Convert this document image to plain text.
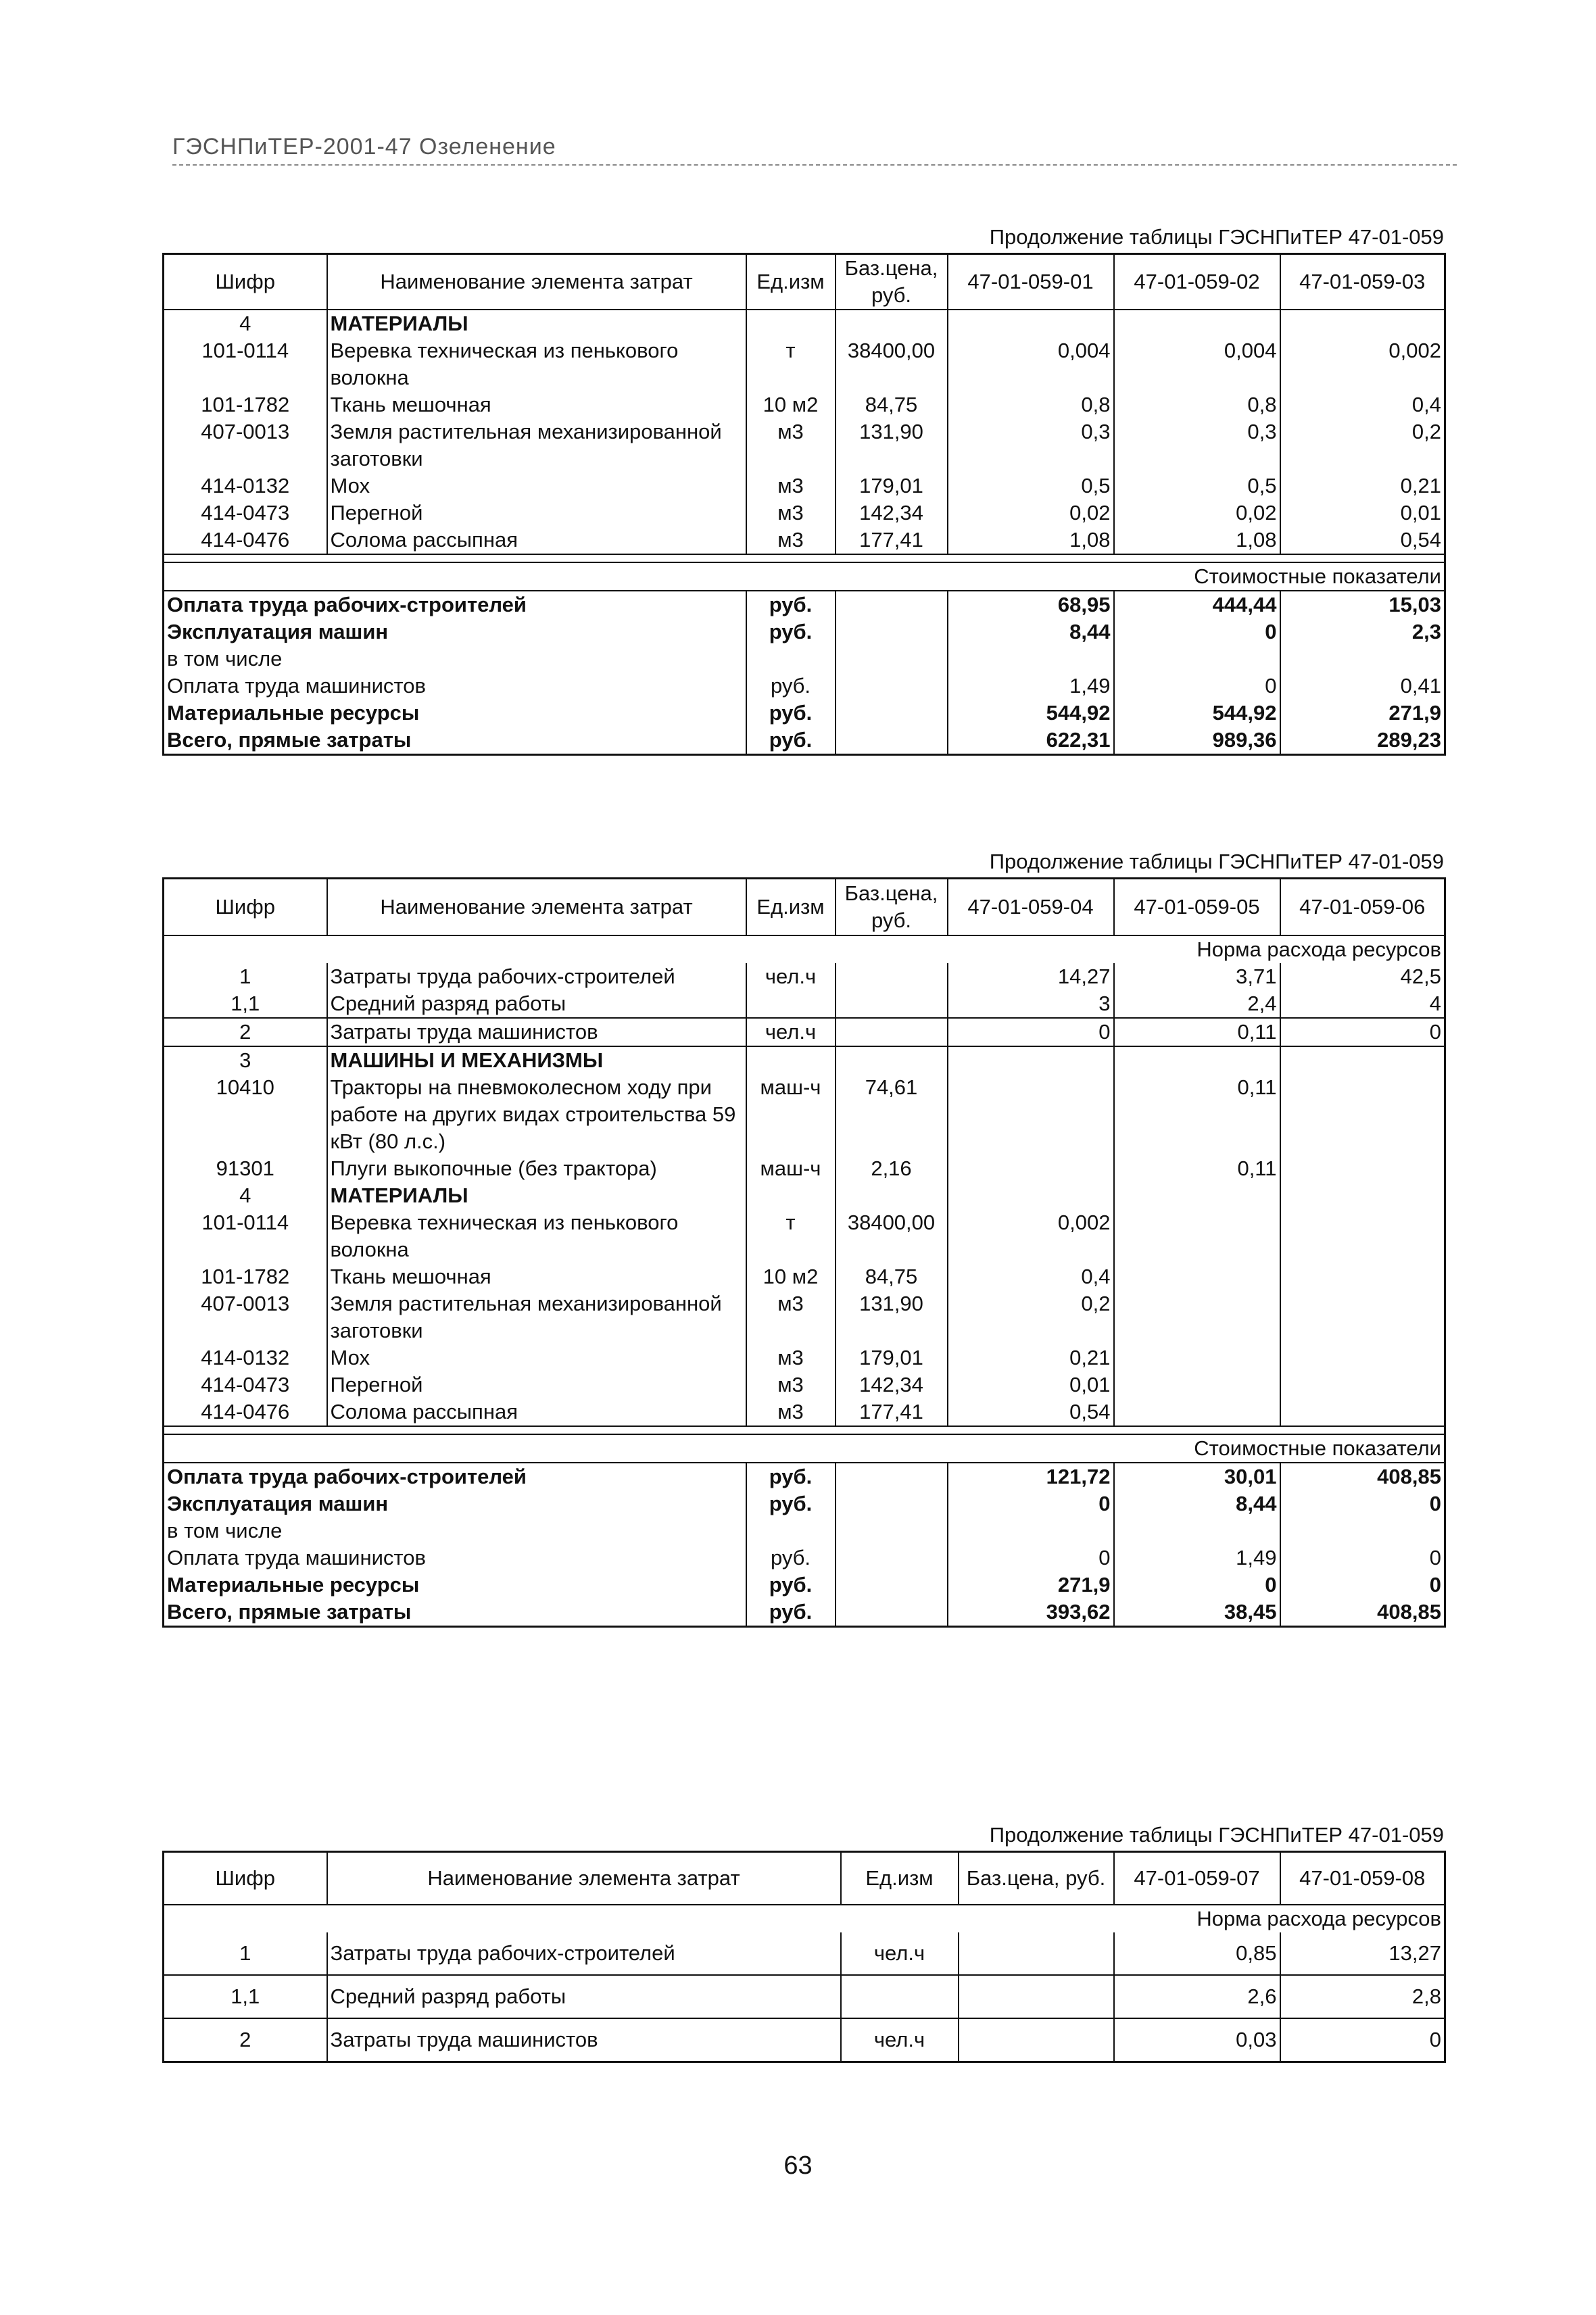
ГЭСНПиТЕР-2001-47 Озеленение
Продолжение таблицы ГЭСНПиТЕР 47-01-059
Шифр	Наименование элемента затрат	Ед.изм	Баз.цена, руб.	47-01-059-01	47-01-059-02	47-01-059-03
4	МАТЕРИАЛЫ					
101-0114	Веревка техническая из пенькового волокна	т	38400,00	0,004	0,004	0,002
101-1782	Ткань мешочная	10 м2	84,75	0,8	0,8	0,4
407-0013	Земля растительная механизированной заготовки	м3	131,90	0,3	0,3	0,2
414-0132	Мох	м3	179,01	0,5	0,5	0,21
414-0473	Перегной	м3	142,34	0,02	0,02	0,01
414-0476	Солома рассыпная	м3	177,41	1,08	1,08	0,54

Стоимостные показатели						
Оплата труда рабочих-строителей		руб.		68,95	444,44	15,03
Эксплуатация машин		руб.		8,44	0	2,3
в том числе						
Оплата труда машинистов		руб.		1,49	0	0,41
Материальные ресурсы		руб.		544,92	544,92	271,9
Всего, прямые затраты		руб.		622,31	989,36	289,23
Продолжение таблицы ГЭСНПиТЕР 47-01-059
Шифр	Наименование элемента затрат	Ед.изм	Баз.цена, руб.	47-01-059-04	47-01-059-05	47-01-059-06
Норма расхода ресурсов						
1	Затраты труда рабочих-строителей	чел.ч		14,27	3,71	42,5
1,1	Средний разряд работы			3	2,4	4
2	Затраты труда машинистов	чел.ч		0	0,11	0
3	МАШИНЫ И МЕХАНИЗМЫ					
10410	Тракторы на пневмоколесном ходу при работе на других видах строительства 59 кВт (80 л.с.)	маш-ч	74,61		0,11	
91301	Плуги выкопочные (без трактора)	маш-ч	2,16		0,11	
4	МАТЕРИАЛЫ					
101-0114	Веревка техническая из пенькового волокна	т	38400,00	0,002		
101-1782	Ткань мешочная	10 м2	84,75	0,4		
407-0013	Земля растительная механизированной заготовки	м3	131,90	0,2		
414-0132	Мох	м3	179,01	0,21		
414-0473	Перегной	м3	142,34	0,01		
414-0476	Солома рассыпная	м3	177,41	0,54		

Стоимостные показатели						
Оплата труда рабочих-строителей		руб.		121,72	30,01	408,85
Эксплуатация машин		руб.		0	8,44	0
в том числе						
Оплата труда машинистов		руб.		0	1,49	0
Материальные ресурсы		руб.		271,9	0	0
Всего, прямые затраты		руб.		393,62	38,45	408,85
Продолжение таблицы ГЭСНПиТЕР 47-01-059
Шифр	Наименование элемента затрат	Ед.изм	Баз.цена, руб.	47-01-059-07	47-01-059-08
Норма расхода ресурсов					
1	Затраты труда рабочих-строителей	чел.ч		0,85	13,27
1,1	Средний разряд работы			2,6	2,8
2	Затраты труда машинистов	чел.ч		0,03	0
63
